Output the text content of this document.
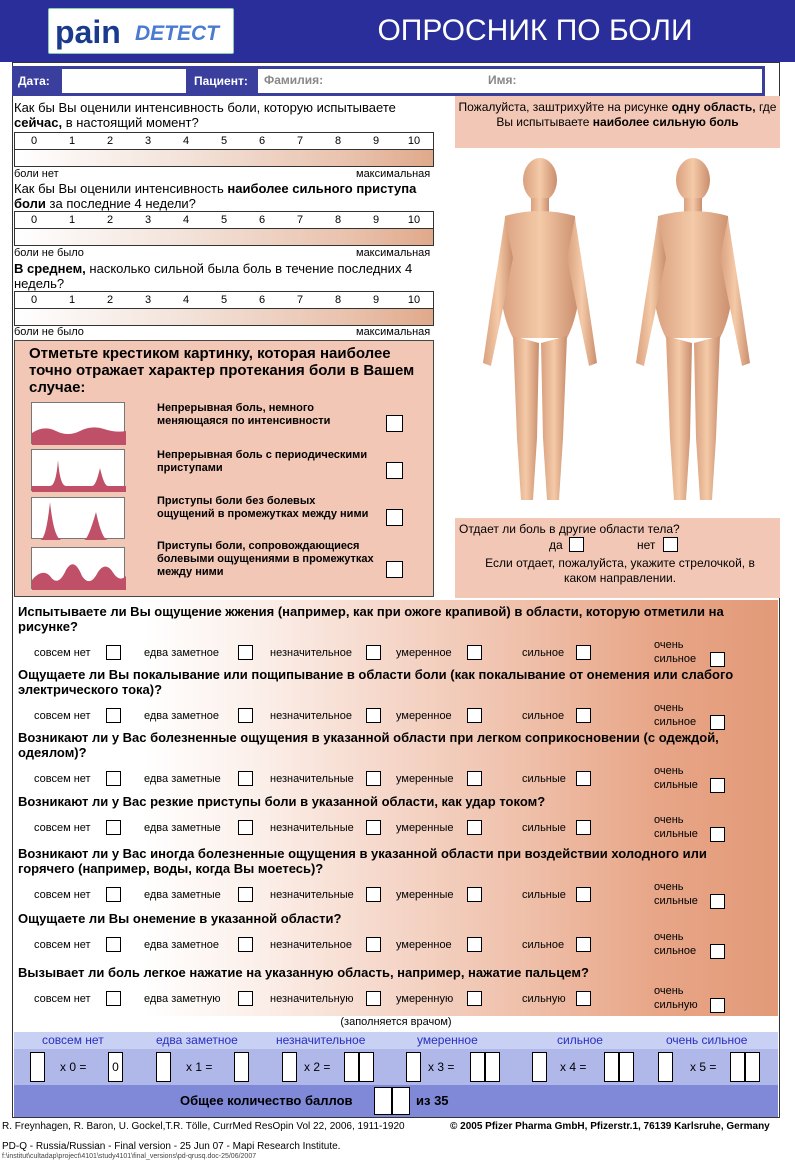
pain DETECT	ОПРОСНИК ПО БОЛИ
Дата:	Пациент: Фамилия:	Имя:
Как бы Вы оценили интенсивность боли, которую испытываете сейчас, в настоящий момент?
0	1	2	3	4	5	6	7	8	9	10
боли нет	максимальная
Как бы Вы оценили интенсивность наиболее сильного приступа боли за последние 4 недели?
0	1	2	3	4	5	6	7	8	9	10
боли не было	максимальная
В среднем, насколько сильной была боль в течение последних 4 недель?
0	1	2	3	4	5	6	7	8	9	10
боли не было	максимальная
Отметьте крестиком картинку, которая наиболее точно отражает характер протекания боли в Вашем случае:
Непрерывная боль, немного меняющаяся по интенсивности
Непрерывная боль с периодическими приступами
Приступы боли без болевых ощущений в промежутках между ними
Приступы боли, сопровождающиеся болевыми ощущениями в промежутках между ними
Пожалуйста, заштрихуйте на рисунке одну область, где Вы испытываете наиболее сильную боль
Отдает ли боль в другие области тела?
да	нет
Если отдает, пожалуйста, укажите стрелочкой, в каком направлении.
Испытываете ли Вы ощущение жжения (например, как при ожоге крапивой) в области, которую отметили на рисунке?
совсем нет	едва заметное	незначительное	умеренное	сильное
очень
сильное
Ощущаете ли Вы покалывание или пощипывание в области боли (как покалывание от онемения или слабого электрического тока)?
совсем нет	едва заметное	незначительное	умеренное	сильное
очень
сильное
Возникают ли у Вас болезненные ощущения в указанной области при легком соприкосновении (с одеждой, одеялом)?
совсем нет	едва заметные	незначительные	умеренные	сильные
очень
сильные
Возникают ли у Вас резкие приступы боли в указанной области, как удар током?
совсем нет	едва заметные	незначительные	умеренные	сильные
очень
сильные
Возникают ли у Вас иногда болезненные ощущения в указанной области при воздействии холодного или горячего (например, воды, когда Вы моетесь)?
совсем нет	едва заметные	незначительные	умеренные	сильные
очень
сильные
Ощущаете ли Вы онемение в указанной области?
совсем нет	едва заметное	незначительное	умеренное	сильное
очень
сильное
Вызывает ли боль легкое нажатие на указанную область, например, нажатие пальцем?
совсем нет	едва заметную	незначительную	умеренную	сильную
очень
сильную
(заполняется врачом)
совсем нет	едва заметное	незначительное	умеренное	сильное	очень сильное
x 0 =	0	x 1 =	x 2 =	x 3 =	x 4 =	x 5 =
Общее количество баллов	из 35
R. Freynhagen, R. Baron, U. Gockel,T.R. Tölle, CurrMed ResOpin Vol 22, 2006, 1911-1920	© 2005 Pfizer Pharma GmbH, Pfizerstr.1, 76139 Karlsruhe, Germany
PD-Q - Russia/Russian - Final version - 25 Jun 07 - Mapi Research Institute.
f:\institut\cultadap\project\4101\study4101\final_versions\pd-qrusq.doc-25/06/2007
